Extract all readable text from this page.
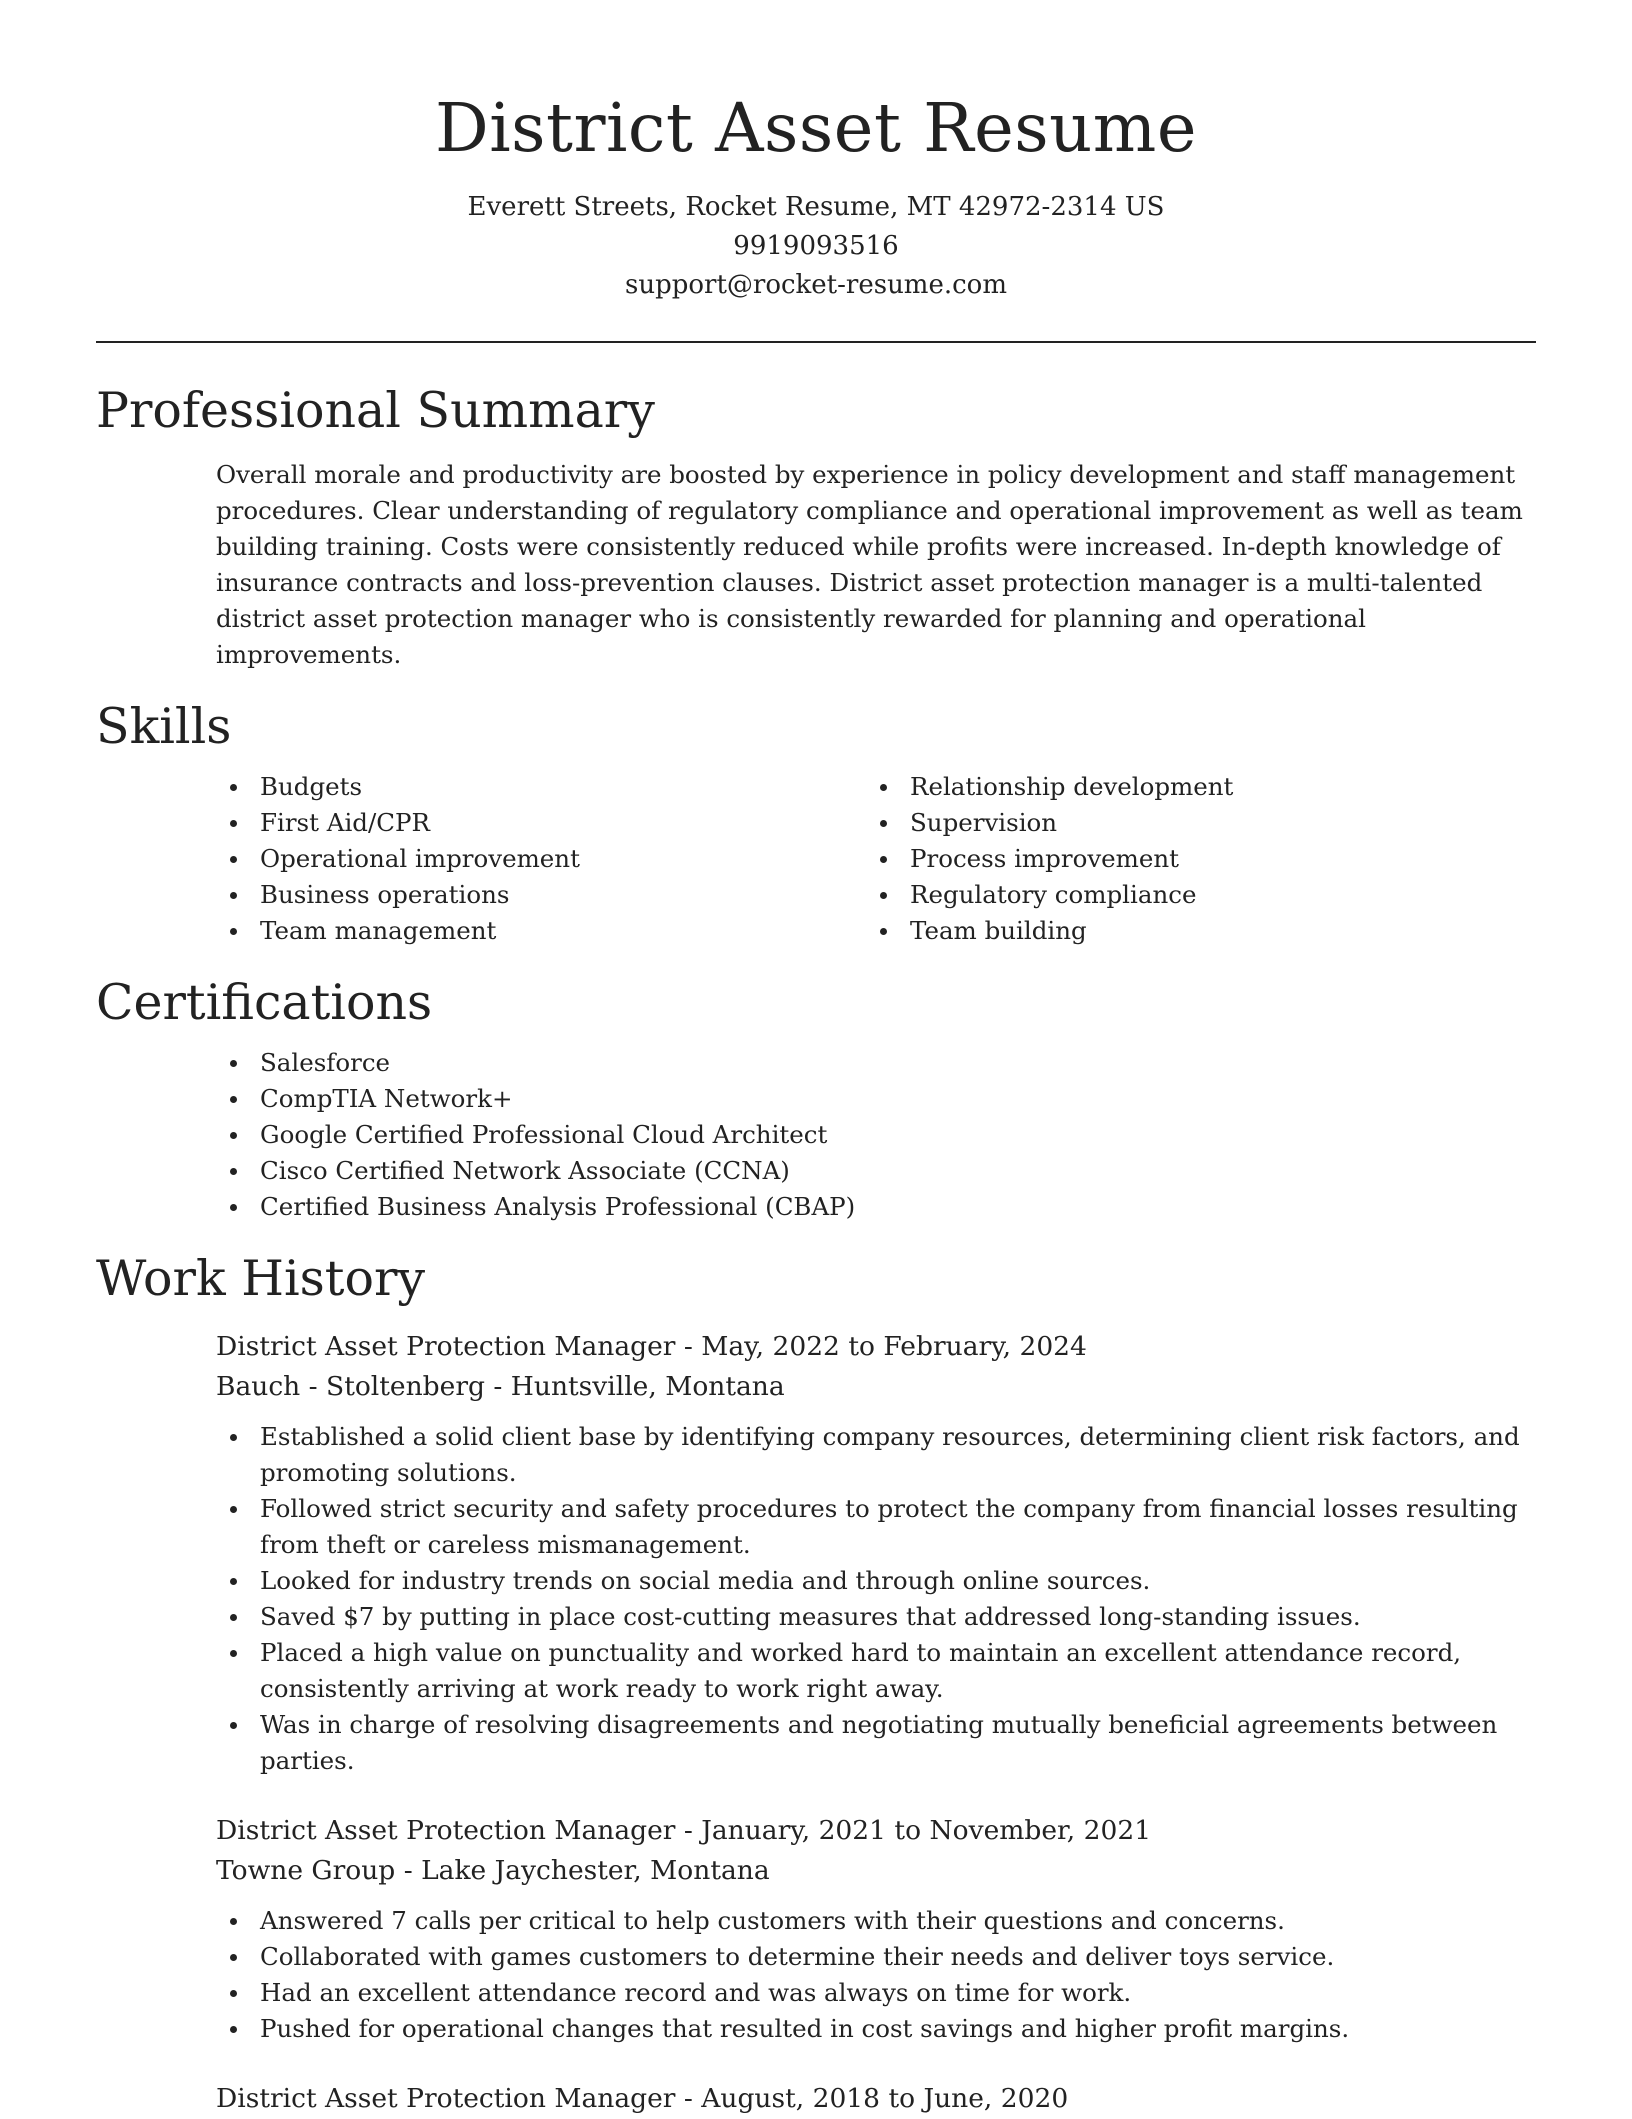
District Asset Resume
Everett Streets, Rocket Resume, MT 42972-2314 US
9919093516
support@rocket-resume.com
Professional Summary

Overall morale and productivity are boosted by experience in policy development and staff management procedures. Clear understanding of regulatory compliance and operational improvement as well as team building training. Costs were consistently reduced while profits were increased. In-depth knowledge of insurance contracts and loss-prevention clauses. District asset protection manager is a multi-talented district asset protection manager who is consistently rewarded for planning and operational improvements.

Skills
Budgets
First Aid/CPR
Operational improvement
Business operations
Team management
Relationship development
Supervision
Process improvement
Regulatory compliance
Team building
Certifications
Salesforce
CompTIA Network+
Google Certified Professional Cloud Architect
Cisco Certified Network Associate (CCNA)
Certified Business Analysis Professional (CBAP)
Work History
District Asset Protection Manager - May, 2022 to February, 2024
Bauch - Stoltenberg - Huntsville, Montana
Established a solid client base by identifying company resources, determining client risk factors, and promoting solutions.
Followed strict security and safety procedures to protect the company from financial losses resulting from theft or careless mismanagement.
Looked for industry trends on social media and through online sources.
Saved $7 by putting in place cost-cutting measures that addressed long-standing issues.
Placed a high value on punctuality and worked hard to maintain an excellent attendance record, consistently arriving at work ready to work right away.
Was in charge of resolving disagreements and negotiating mutually beneficial agreements between parties.
District Asset Protection Manager - January, 2021 to November, 2021
Towne Group - Lake Jaychester, Montana
Answered 7 calls per critical to help customers with their questions and concerns.
Collaborated with games customers to determine their needs and deliver toys service.
Had an excellent attendance record and was always on time for work.
Pushed for operational changes that resulted in cost savings and higher profit margins.
District Asset Protection Manager - August, 2018 to June, 2020
